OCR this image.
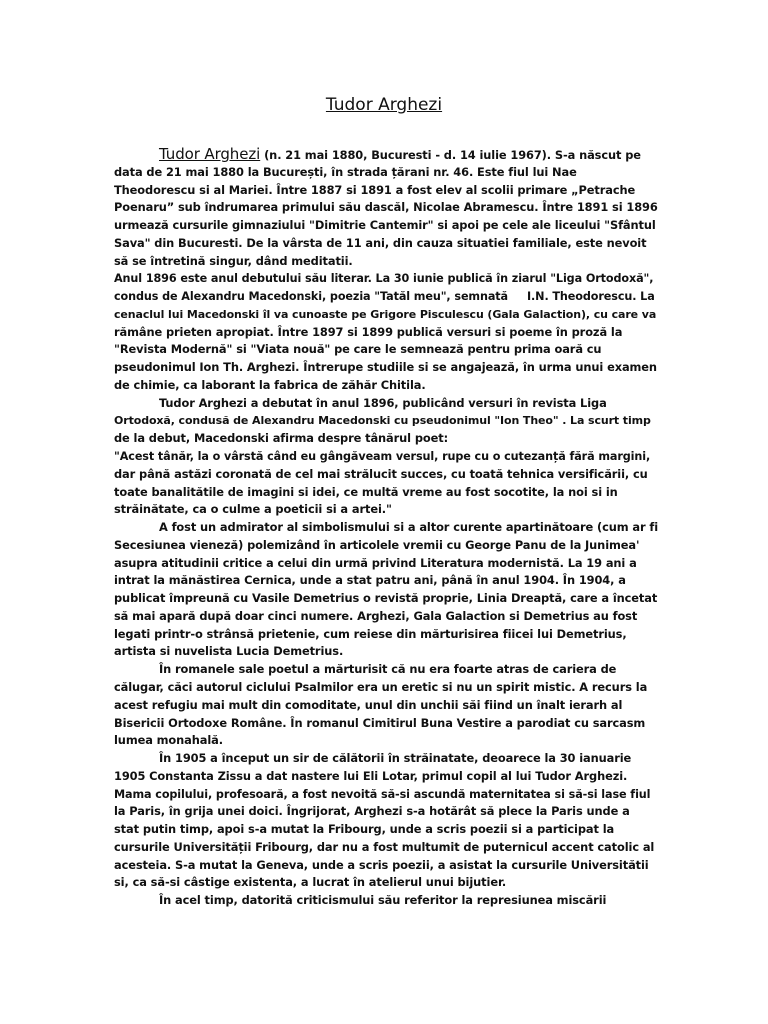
Tudor Arghezi
Tudor Arghezi (n. 21 mai 1880, Bucuresti - d. 14 iulie 1967). S-a născut pe
data de 21 mai 1880 la București, în strada țărani nr. 46. Este fiul lui Nae
Theodorescu si al Mariei. Între 1887 si 1891 a fost elev al scolii primare „Petrache
Poenaru” sub îndrumarea primului său dascăl, Nicolae Abramescu. Între 1891 si 1896
urmează cursurile gimnaziului "Dimitrie Cantemir" si apoi pe cele ale liceului "Sfântul
Sava" din Bucuresti. De la vârsta de 11 ani, din cauza situatiei familiale, este nevoit
să se întretină singur, dând meditatii.
Anul 1896 este anul debutului său literar. La 30 iunie publică în ziarul "Liga Ortodoxă",
condus de Alexandru Macedonski, poezia "Tatăl meu", semnată     I.N. Theodorescu. La
cenaclul lui Macedonski îl va cunoaste pe Grigore Pisculescu (Gala Galaction), cu care va
rămâne prieten apropiat. Între 1897 si 1899 publică versuri si poeme în proză la
"Revista Modernă" si "Viata nouă" pe care le semnează pentru prima oară cu
pseudonimul Ion Th. Arghezi. Întrerupe studiile si se angajează, în urma unui examen
de chimie, ca laborant la fabrica de zăhăr Chitila.
Tudor Arghezi a debutat în anul 1896, publicând versuri în revista Liga
Ortodoxă, condusă de Alexandru Macedonski cu pseudonimul "Ion Theo" . La scurt timp
de la debut, Macedonski afirma despre tânărul poet:
"Acest tânăr, la o vârstă când eu gângăveam versul, rupe cu o cutezanță fără margini,
dar până astăzi coronată de cel mai strălucit succes, cu toată tehnica versificării, cu
toate banalitătile de imagini si idei, ce multă vreme au fost socotite, la noi si in
străinătate, ca o culme a poeticii si a artei."
A fost un admirator al simbolismului si a altor curente apartinătoare (cum ar fi
Secesiunea vieneză) polemizând în articolele vremii cu George Panu de la Junimea'
asupra atitudinii critice a celui din urmă privind Literatura modernistă. La 19 ani a
intrat la mănăstirea Cernica, unde a stat patru ani, până în anul 1904. În 1904, a
publicat împreună cu Vasile Demetrius o revistă proprie, Linia Dreaptă, care a încetat
să mai apară după doar cinci numere. Arghezi, Gala Galaction si Demetrius au fost
legati printr-o strânsă prietenie, cum reiese din mărturisirea fiicei lui Demetrius,
artista si nuvelista Lucia Demetrius.
În romanele sale poetul a mărturisit că nu era foarte atras de cariera de
călugar, căci autorul ciclului Psalmilor era un eretic si nu un spirit mistic. A recurs la
acest refugiu mai mult din comoditate, unul din unchii săi fiind un înalt ierarh al
Bisericii Ortodoxe Române. În romanul Cimitirul Buna Vestire a parodiat cu sarcasm
lumea monahală.
În 1905 a început un sir de călătorii în străinatate, deoarece la 30 ianuarie
1905 Constanta Zissu a dat nastere lui Eli Lotar, primul copil al lui Tudor Arghezi.
Mama copilului, profesoară, a fost nevoită să-si ascundă maternitatea si să-si lase fiul
la Paris, în grija unei doici. Îngrijorat, Arghezi s-a hotărât să plece la Paris unde a
stat putin timp, apoi s-a mutat la Fribourg, unde a scris poezii si a participat la
cursurile Universității Fribourg, dar nu a fost multumit de puternicul accent catolic al
acesteia. S-a mutat la Geneva, unde a scris poezii, a asistat la cursurile Universitătii
si, ca să-si câstige existenta, a lucrat în atelierul unui bijutier.
În acel timp, datorită criticismului său referitor la represiunea miscării
